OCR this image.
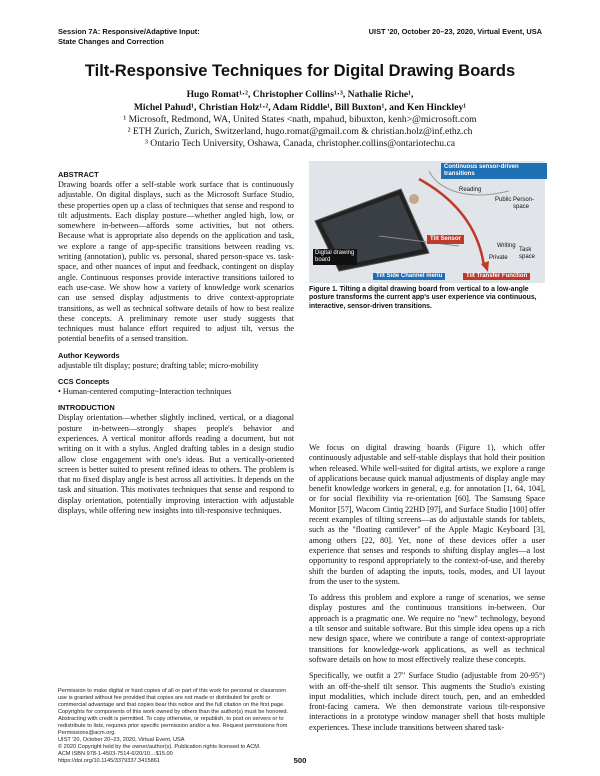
Session 7A: Responsive/Adaptive Input:
State Changes and Correction
UIST '20, October 20–23, 2020, Virtual Event, USA
Tilt-Responsive Techniques for Digital Drawing Boards
Hugo Romat¹·², Christopher Collins¹·³, Nathalie Riche¹,
Michel Pahud¹, Christian Holz¹·², Adam Riddle¹, Bill Buxton¹, and Ken Hinckley¹
¹ Microsoft, Redmond, WA, United States <nath, mpahud, bibuxton, kenh>@microsoft.com
² ETH Zurich, Zurich, Switzerland, hugo.romat@gmail.com & christian.holz@inf.ethz.ch
³ Ontario Tech University, Oshawa, Canada, christopher.collins@ontariotechu.ca
ABSTRACT

Drawing boards offer a self-stable work surface that is continuously adjustable. On digital displays, such as the Microsoft Surface Studio, these properties open up a class of techniques that sense and respond to tilt adjustments. Each display posture—whether angled high, low, or somewhere in-between—affords some activities, but not others. Because what is appropriate also depends on the application and task, we explore a range of app-specific transitions between reading vs. writing (annotation), public vs. personal, shared person-space vs. task-space, and other nuances of input and feedback, contingent on display angle. Continuous responses provide interactive transitions tailored to each use-case. We show how a variety of knowledge work scenarios can use sensed display adjustments to drive context-appropriate transitions, as well as technical software details of how to best realize these concepts. A preliminary remote user study suggests that techniques must balance effort required to adjust tilt, versus the potential benefits of a sensed transition.

Author Keywords

adjustable tilt display; posture; drafting table; micro-mobility

CCS Concepts

• Human-centered computing~Interaction techniques

INTRODUCTION

Display orientation—whether slightly inclined, vertical, or a diagonal posture in-between—strongly shapes people's behavior and experiences. A vertical monitor affords reading a document, but not writing on it with a stylus. Angled drafting tables in a design studio allow close engagement with one's ideas. But a vertically-oriented screen is better suited to present refined ideas to others. The problem is that no fixed display angle is best across all activities. It depends on the task and situation. This motivates techniques that sense and respond to display orientation, potentially improving interaction with adjustable displays, while offering new insights into tilt-responsive techniques.

Permission to make digital or hard copies of all or part of this work for personal or classroom use is granted without fee provided that copies are not made or distributed for profit or commercial advantage and that copies bear this notice and the full citation on the first page. Copyrights for components of this work owned by others than the author(s) must be honored. Abstracting with credit is permitted. To copy otherwise, or republish, to post on servers or to redistribute to lists, requires prior specific permission and/or a fee. Request permissions from Permissions@acm.org.
UIST '20, October 20–23, 2020, Virtual Event, USA
© 2020 Copyright held by the owner/author(s). Publication rights licensed to ACM.
ACM ISBN 978-1-4503-7514-6/20/10…$15.00
https://doi.org/10.1145/3379337.3415861
Continuous sensor-driven transitions
Reading
Public Person-space
Writing
Private
Task space
Digital drawing board
Tilt Sensor
Tilt Side Channel menu	Tilt Transfer Function
Figure 1. Tilting a digital drawing board from vertical to a low-angle posture transforms the current app's user experience via continuous, interactive, sensor-driven transitions.

We focus on digital drawing boards (Figure 1), which offer continuously adjustable and self-stable displays that hold their position when released. While well-suited for digital artists, we explore a range of applications because quick manual adjustments of display angle may benefit knowledge workers in general, e.g. for annotation [1, 64, 104], or for social flexibility via re-orientation [60]. The Samsung Space Monitor [57], Wacom Cintiq 22HD [97], and Surface Studio [100] offer recent examples of tilting screens—as do adjustable stands for tablets, such as the "floating cantilever" of the Apple Magic Keyboard [3], among others [22, 80]. Yet, none of these devices offer a user experience that senses and responds to shifting display angles—a lost opportunity to respond appropriately to the context-of-use, and thereby shift the burden of adapting the inputs, tools, modes, and UI layout from the user to the system.

To address this problem and explore a range of scenarios, we sense display postures and the continuous transitions in-between. Our approach is a pragmatic one. We require no "new" technology, beyond a tilt sensor and suitable software. But this simple idea opens up a rich new design space, where we contribute a range of context-appropriate transitions for knowledge-work applications, as well as technical software details on how to most effectively realize these concepts.

Specifically, we outfit a 27" Surface Studio (adjustable from 20-95°) with an off-the-shelf tilt sensor. This augments the Studio's existing input modalities, which include direct touch, pen, and an embedded front-facing camera. We then demonstrate various tilt-responsive interactions in a prototype window manager shell that hosts multiple experiences. These include transitions between shared task-

500
